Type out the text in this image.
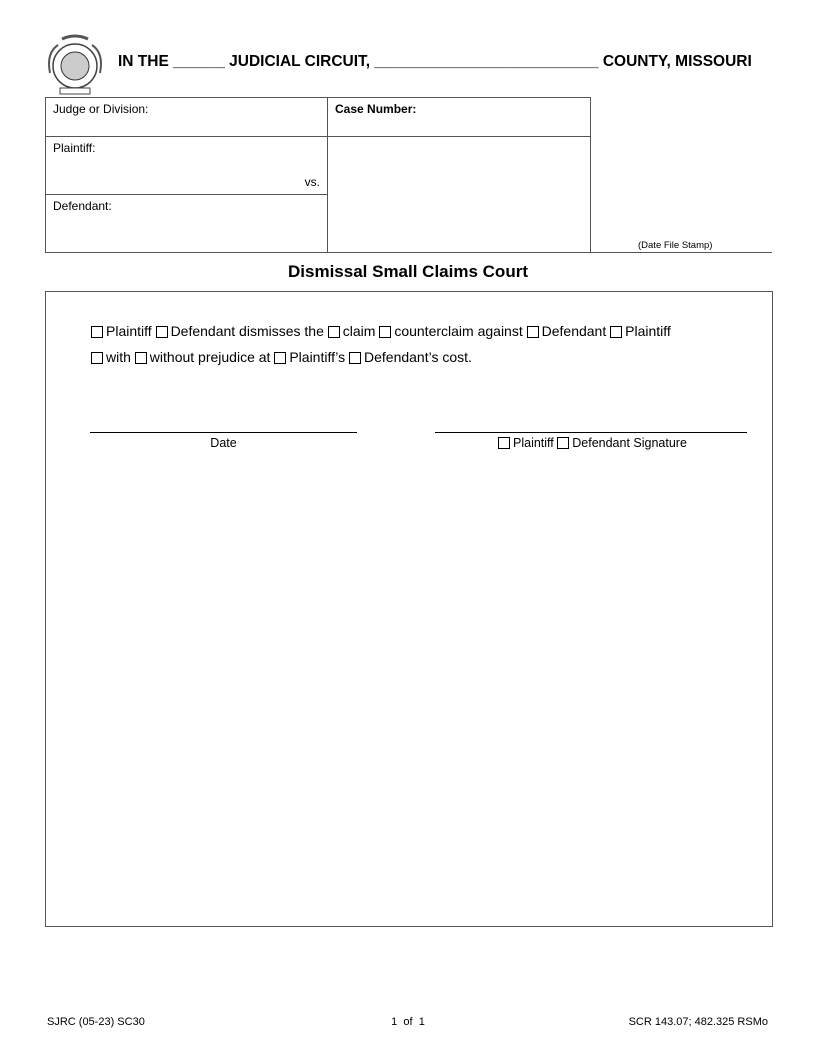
IN THE ______ JUDICIAL CIRCUIT, __________________________ COUNTY, MISSOURI
Judge or Division:	Case Number:
Plaintiff:
vs.
Defendant:
(Date File Stamp)
Dismissal Small Claims Court
Plaintiff Defendant dismisses the claim counterclaim against Defendant Plaintiff
with without prejudice at Plaintiff’s Defendant’s cost.
Date	Plaintiff Defendant Signature
SJRC (05-23) SC30	1  of  1	SCR 143.07; 482.325 RSMo
